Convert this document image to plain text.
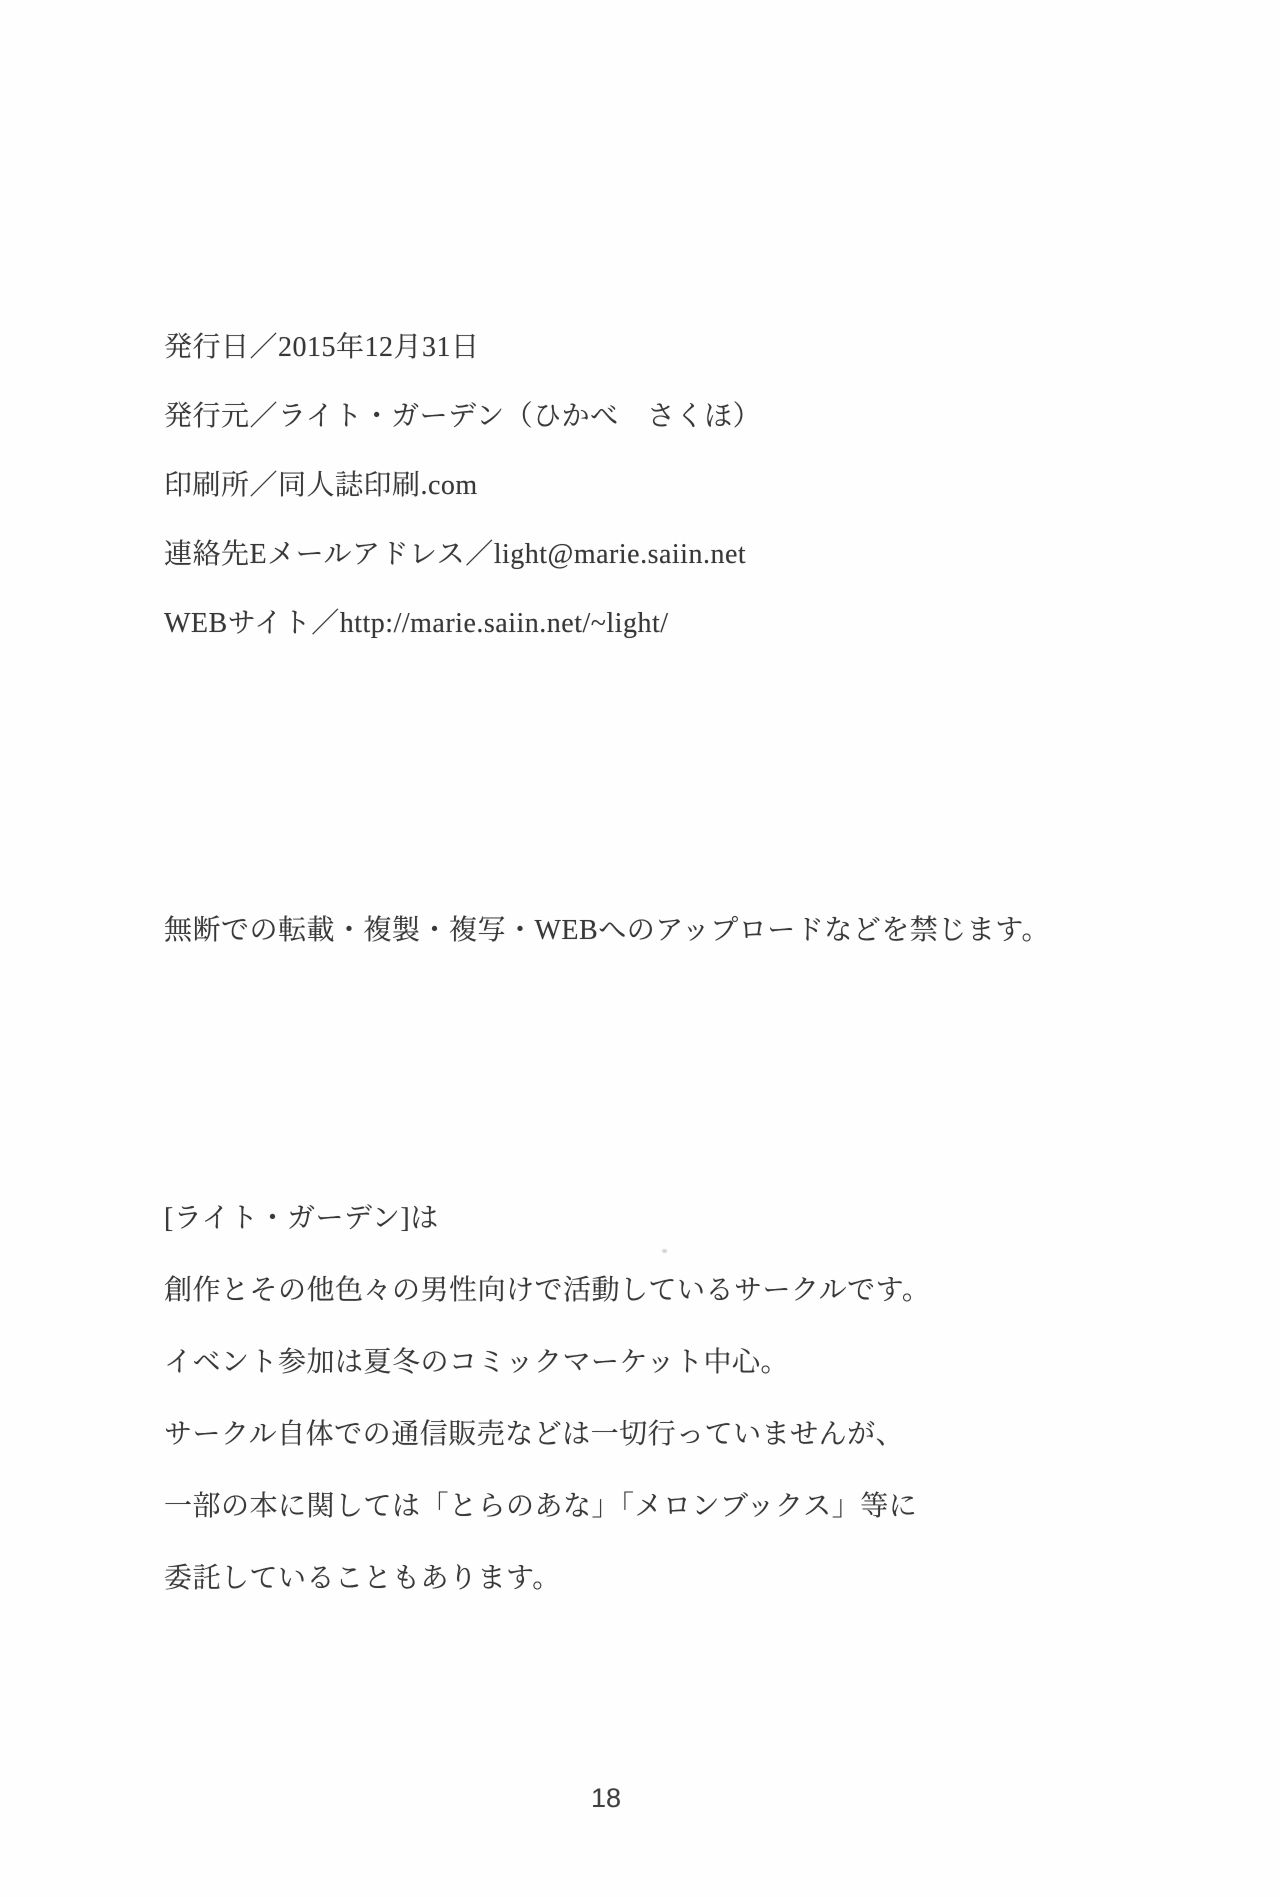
発行日／2015年12月31日
発行元／ライト・ガーデン（ひかべ　さくほ）
印刷所／同人誌印刷.com
連絡先Eメールアドレス／light@marie.saiin.net
WEBサイト／http://marie.saiin.net/~light/
無断での転載・複製・複写・WEBへのアップロードなどを禁じます。
[ライト・ガーデン]は
創作とその他色々の男性向けで活動しているサークルです。
イベント参加は夏冬のコミックマーケット中心。
サークル自体での通信販売などは一切行っていませんが、
一部の本に関しては「とらのあな」「メロンブックス」等に
委託していることもあります。
18
